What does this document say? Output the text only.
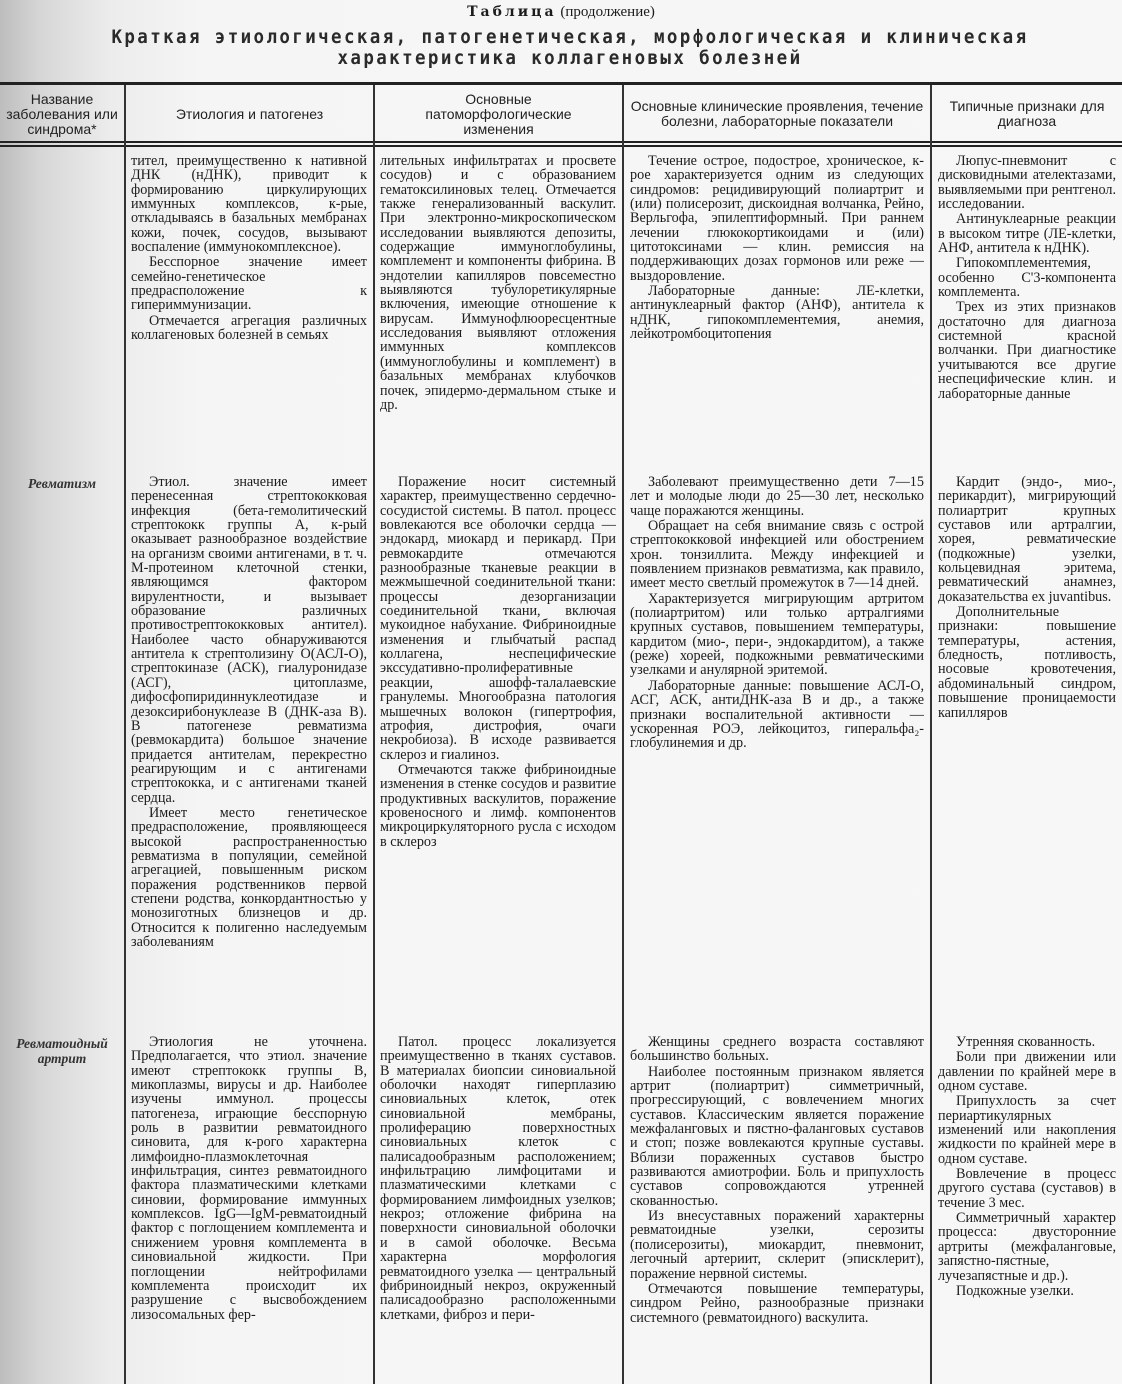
Таблица (продолжение)
Краткая этиологическая, патогенетическая, морфологическая и клиническая характеристика коллагеновых болезней
Название заболевания или синдрома*
Этиология и патогенез
Основные патоморфологические изменения
Основные клинические проявления, течение болезни, лабораторные показатели
Типичные признаки для диагноза

тител, преимущественно к нативной ДНК (нДНК), приводит к формированию циркулирующих иммунных комплексов, к-рые, откладываясь в базальных мембранах кожи, почек, сосудов, вызывают воспаление (иммунокомплексное).

Бесспорное значение имеет семейно-генетическое предрасположение к гипериммунизации.

Отмечается агрегация различных коллагеновых болезней в семьях

лительных инфильтратах и просвете сосудов) и с образованием гематоксилиновых телец. Отмечается также генерализованный васкулит. При электронно-микроскопическом исследовании выявляются депозиты, содержащие иммуноглобулины, комплемент и компоненты фибрина. В эндотелии капилляров повсеместно выявляются тубулоретикулярные включения, имеющие отношение к вирусам. Иммунофлюоресцентные исследования выявляют отложения иммунных комплексов (иммуноглобулины и комплемент) в базальных мембранах клубочков почек, эпидермо-дермальном стыке и др.

Течение острое, подострое, хроническое, к-рое характеризуется одним из следующих синдромов: рецидивирующий полиартрит и (или) полисерозит, дискоидная волчанка, Рейно, Верльгофа, эпилептиформный. При раннем лечении глюкокортикоидами и (или) цитотоксинами — клин. ремиссия на поддерживающих дозах гормонов или реже — выздоровление.

Лабораторные данные: ЛЕ-клетки, антинуклеарный фактор (АНФ), антитела к нДНК, гипокомплементемия, анемия, лейкотромбоцитопения

Люпус-пневмонит с дисковидными ателектазами, выявляемыми при рентгенол. исследовании.

Антинуклеарные реакции в высоком титре (ЛЕ-клетки, АНФ, антитела к нДНК).

Гипокомплементемия, особенно С'3-компонента комплемента.

Трех из этих признаков достаточно для диагноза системной красной волчанки. При диагностике учитываются все другие неспецифические клин. и лабораторные данные

Ревматизм	Этиол. значение имеет перенесенная стрептококковая инфекция (бета-гемолитический стрептококк группы А, к-рый оказывает разнообразное воздействие на организм своими антигенами, в т. ч. М-протеином клеточной стенки, являющимся фактором вирулентности, и вызывает образование различных противострептококковых антител). Наиболее часто обнаруживаются антитела к стрептолизину О(АСЛ-О), стрептокиназе (АСК), гиалуронидазе (АСГ), цитоплазме, дифосфопиридиннуклеотидазе и дезоксирибонуклеазе В (ДНК-аза В). В патогенезе ревматизма (ревмокардита) большое значение придается антителам, перекрестно реагирующим и с антигенами стрептококка, и с антигенами тканей сердца.

Имеет место генетическое предрасположение, проявляющееся высокой распространенностью ревматизма в популяции, семейной агрегацией, повышенным риском поражения родственников первой степени родства, конкордантностью у монозиготных близнецов и др. Относится к полигенно наследуемым заболеваниям

Поражение носит системный характер, преимущественно сердечно-сосудистой системы. В патол. процесс вовлекаются все оболочки сердца — эндокард, миокард и перикард. При ревмокардите отмечаются разнообразные тканевые реакции в межмышечной соединительной ткани: процессы дезорганизации соединительной ткани, включая мукоидное набухание. Фибриноидные изменения и глыбчатый распад коллагена, неспецифические экссудативно-пролиферативные реакции, ашофф-талалаевские гранулемы. Многообразна патология мышечных волокон (гипертрофия, атрофия, дистрофия, очаги некробиоза). В исходе развивается склероз и гиалиноз.

Отмечаются также фибриноидные изменения в стенке сосудов и развитие продуктивных васкулитов, поражение кровеносного и лимф. компонентов микроциркуляторного русла с исходом в склероз

Заболевают преимущественно дети 7—15 лет и молодые люди до 25—30 лет, несколько чаще поражаются женщины.

Обращает на себя внимание связь с острой стрептококковой инфекцией или обострением хрон. тонзиллита. Между инфекцией и появлением признаков ревматизма, как правило, имеет место светлый промежуток в 7—14 дней.

Характеризуется мигрирующим артритом (полиартритом) или только артралгиями крупных суставов, повышением температуры, кардитом (мио-, пери-, эндокардитом), а также (реже) хореей, подкожными ревматическими узелками и анулярной эритемой.

Лабораторные данные: повышение АСЛ-О, АСГ, АСК, антиДНК-аза В и др., а также признаки воспалительной активности — ускоренная РОЭ, лейкоцитоз, гиперальфа₂-глобулинемия и др.

Кардит (эндо-, мио-, перикардит), мигрирующий полиартрит крупных суставов или артралгии, хорея, ревматические (подкожные) узелки, кольцевидная эритема, ревматический анамнез, доказательства ex juvantibus.

Дополнительные признаки: повышение температуры, астения, бледность, потливость, носовые кровотечения, абдоминальный синдром, повышение проницаемости капилляров

Ревматоидный артрит

Этиология не уточнена. Предполагается, что этиол. значение имеют стрептококк группы В, микоплазмы, вирусы и др. Наиболее изучены иммунол. процессы патогенеза, играющие бесспорную роль в развитии ревматоидного синовита, для к-рого характерна лимфоидно-плазмоклеточная инфильтрация, синтез ревматоидного фактора плазматическими клетками синовии, формирование иммунных комплексов. IgG—IgM-ревматоидный фактор с поглощением комплемента и снижением уровня комплемента в синовиальной жидкости. При поглощении нейтрофилами комплемента происходит их разрушение с высвобождением лизосомальных фер-

Патол. процесс локализуется преимущественно в тканях суставов. В материалах биопсии синовиальной оболочки находят гиперплазию синовиальных клеток, отек синовиальной мембраны, пролиферацию поверхностных синовиальных клеток с палисадообразным расположением; инфильтрацию лимфоцитами и плазматическими клетками с формированием лимфоидных узелков; некроз; отложение фибрина на поверхности синовиальной оболочки и в самой оболочке. Весьма характерна морфология ревматоидного узелка — центральный фибриноидный некроз, окруженный палисадообразно расположенными клетками, фиброз и пери-

Женщины среднего возраста составляют большинство больных.

Наиболее постоянным признаком является артрит (полиартрит) симметричный, прогрессирующий, с вовлечением многих суставов. Классическим является поражение межфаланговых и пястно-фаланговых суставов и стоп; позже вовлекаются крупные суставы. Вблизи пораженных суставов быстро развиваются амиотрофии. Боль и припухлость суставов сопровождаются утренней скованностью.

Из внесуставных поражений характерны ревматоидные узелки, серозиты (полисерозиты), миокардит, пневмонит, легочный артериит, склерит (эписклерит), поражение нервной системы.

Отмечаются повышение температуры, синдром Рейно, разнообразные признаки системного (ревматоидного) васкулита.

Утренняя скованность.

Боли при движении или давлении по крайней мере в одном суставе.

Припухлость за счет периартикулярных изменений или накопления жидкости по крайней мере в одном суставе.

Вовлечение в процесс другого сустава (суставов) в течение 3 мес.

Симметричный характер процесса: двусторонние артриты (межфаланговые, запястно-пястные, лучезапястные и др.).

Подкожные узелки.
